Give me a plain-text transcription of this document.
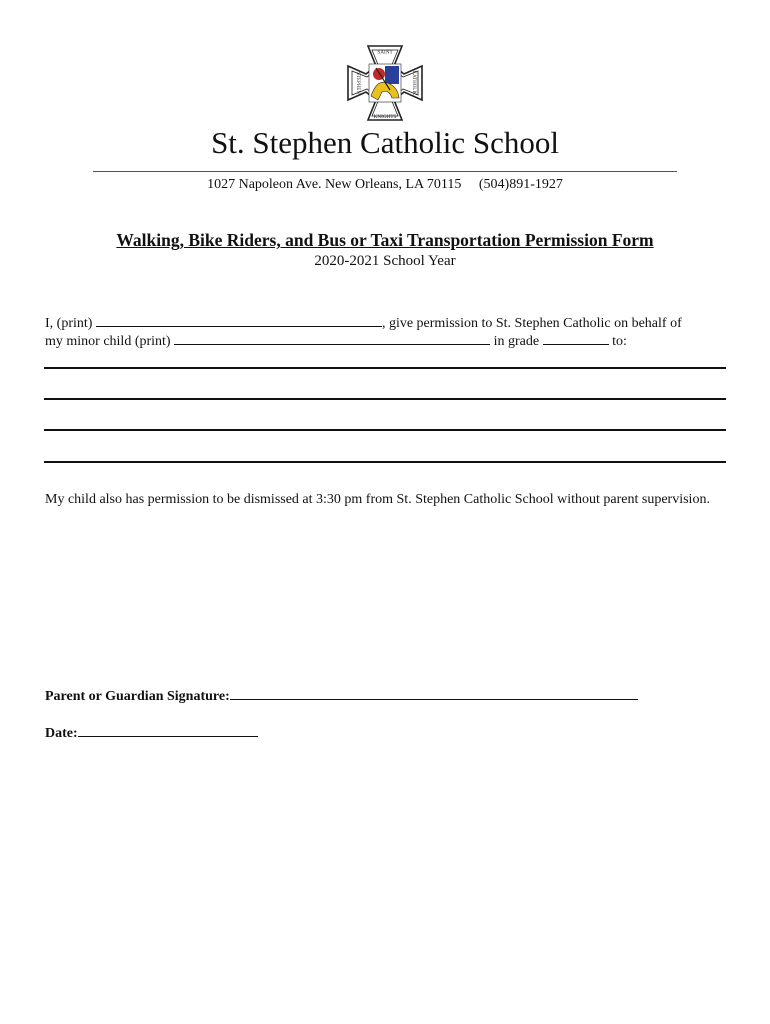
SAINT
KNIGHTS
STEPHEN	CATHOLIC
St. Stephen Catholic School
1027 Napoleon Ave. New Orleans, LA 70115 (504)891-1927
Walking, Bike Riders, and Bus or Taxi Transportation Permission Form
2020-2021 School Year
I, (print)	, give permission to St. Stephen Catholic on behalf of
my minor child (print)	in grade	to:
My child also has permission to be dismissed at 3:30 pm from St. Stephen Catholic School without parent supervision.
Parent or Guardian Signature:
Date:
